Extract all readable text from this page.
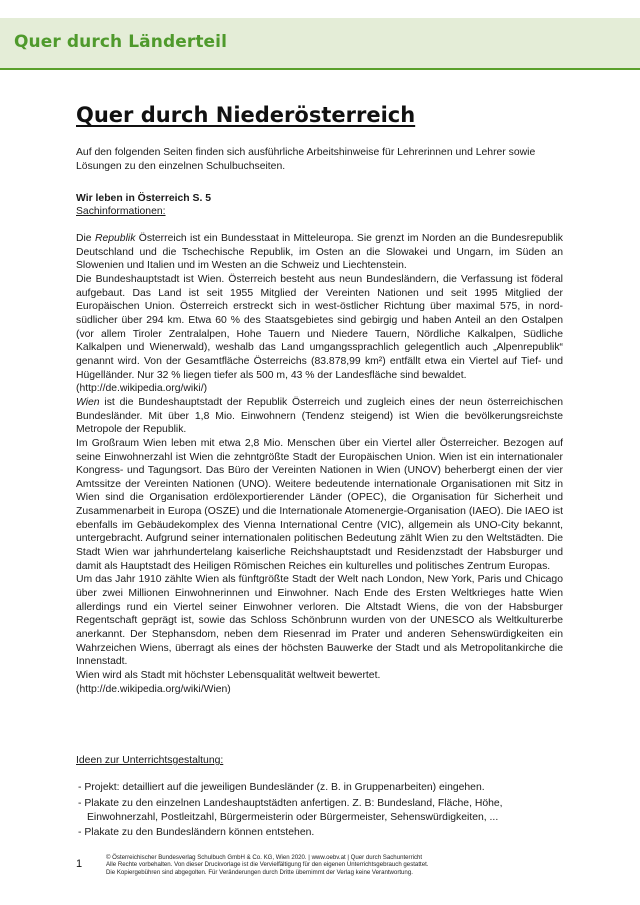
Quer durch Länderteil
Quer durch Niederösterreich

Auf den folgenden Seiten finden sich ausführliche Arbeitshinweise für Lehrerinnen und Lehrer sowie Lösungen zu den einzelnen Schulbuchseiten.

Wir leben in Österreich S. 5
Sachinformationen:

Die Republik Österreich ist ein Bundesstaat in Mitteleuropa. Sie grenzt im Norden an die Bundesrepublik Deutschland und die Tschechische Republik, im Osten an die Slowakei und Ungarn, im Süden an Slowenien und Italien und im Westen an die Schweiz und Liechtenstein.

Die Bundeshauptstadt ist Wien. Österreich besteht aus neun Bundesländern, die Verfassung ist föderal aufgebaut. Das Land ist seit 1955 Mitglied der Vereinten Nationen und seit 1995 Mitglied der Europäischen Union. Österreich erstreckt sich in west-östlicher Richtung über maximal 575, in nord-südlicher über 294 km. Etwa 60 % des Staatsgebietes sind gebirgig und haben Anteil an den Ostalpen (vor allem Tiroler Zentralalpen, Hohe Tauern und Niedere Tauern, Nördliche Kalkalpen, Südliche Kalkalpen und Wienerwald), weshalb das Land umgangssprachlich gelegentlich auch „Alpenrepublik“ genannt wird. Von der Gesamtfläche Österreichs (83.878,99 km²) entfällt etwa ein Viertel auf Tief- und Hügelländer. Nur 32 % liegen tiefer als 500 m, 43 % der Landesfläche sind bewaldet.

(http://de.wikipedia.org/wiki/)

Wien ist die Bundeshauptstadt der Republik Österreich und zugleich eines der neun österreichischen Bundesländer. Mit über 1,8 Mio. Einwohnern (Tendenz steigend) ist Wien die bevölkerungsreichste Metropole der Republik.

Im Großraum Wien leben mit etwa 2,8 Mio. Menschen über ein Viertel aller Österreicher. Bezogen auf seine Einwohnerzahl ist Wien die zehntgrößte Stadt der Europäischen Union. Wien ist ein internationaler Kongress- und Tagungsort. Das Büro der Vereinten Nationen in Wien (UNOV) beherbergt einen der vier Amtssitze der Vereinten Nationen (UNO). Weitere bedeutende internationale Organisationen mit Sitz in Wien sind die Organisation erdölexportierender Länder (OPEC), die Organisation für Sicherheit und Zusammenarbeit in Europa (OSZE) und die Internationale Atomenergie-Organisation (IAEO). Die IAEO ist ebenfalls im Gebäudekomplex des Vienna International Centre (VIC), allgemein als UNO-City bekannt, untergebracht. Aufgrund seiner internationalen politischen Bedeutung zählt Wien zu den Weltstädten. Die Stadt Wien war jahrhundertelang kaiserliche Reichshauptstadt und Residenzstadt der Habsburger und damit als Hauptstadt des Heiligen Römischen Reiches ein kulturelles und politisches Zentrum Europas.

Um das Jahr 1910 zählte Wien als fünftgrößte Stadt der Welt nach London, New York, Paris und Chicago über zwei Millionen Einwohnerinnen und Einwohner. Nach Ende des Ersten Weltkrieges hatte Wien allerdings rund ein Viertel seiner Einwohner verloren. Die Altstadt Wiens, die von der Habsburger Regentschaft geprägt ist, sowie das Schloss Schönbrunn wurden von der UNESCO als Weltkulturerbe anerkannt. Der Stephansdom, neben dem Riesenrad im Prater und anderen Sehenswürdigkeiten ein Wahrzeichen Wiens, überragt als eines der höchsten Bauwerke der Stadt und als Metropolitankirche die Innenstadt.

Wien wird als Stadt mit höchster Lebensqualität weltweit bewertet.

(http://de.wikipedia.org/wiki/Wien)

Ideen zur Unterrichtsgestaltung:
- Projekt: detailliert auf die jeweiligen Bundesländer (z. B. in Gruppenarbeiten) eingehen.
- Plakate zu den einzelnen Landeshauptstädten anfertigen. Z. B: Bundesland, Fläche, Höhe, Einwohnerzahl, Postleitzahl, Bürgermeisterin oder Bürgermeister, Sehenswürdigkeiten, ...
- Plakate zu den Bundesländern können entstehen.
1
© Österreichischer Bundesverlag Schulbuch GmbH & Co. KG, Wien 2020. | www.oebv.at | Quer durch Sachunterricht
Alle Rechte vorbehalten. Von dieser Druckvorlage ist die Vervielfältigung für den eigenen Unterrichtsgebrauch gestattet.
Die Kopiergebühren sind abgegolten. Für Veränderungen durch Dritte übernimmt der Verlag keine Verantwortung.
